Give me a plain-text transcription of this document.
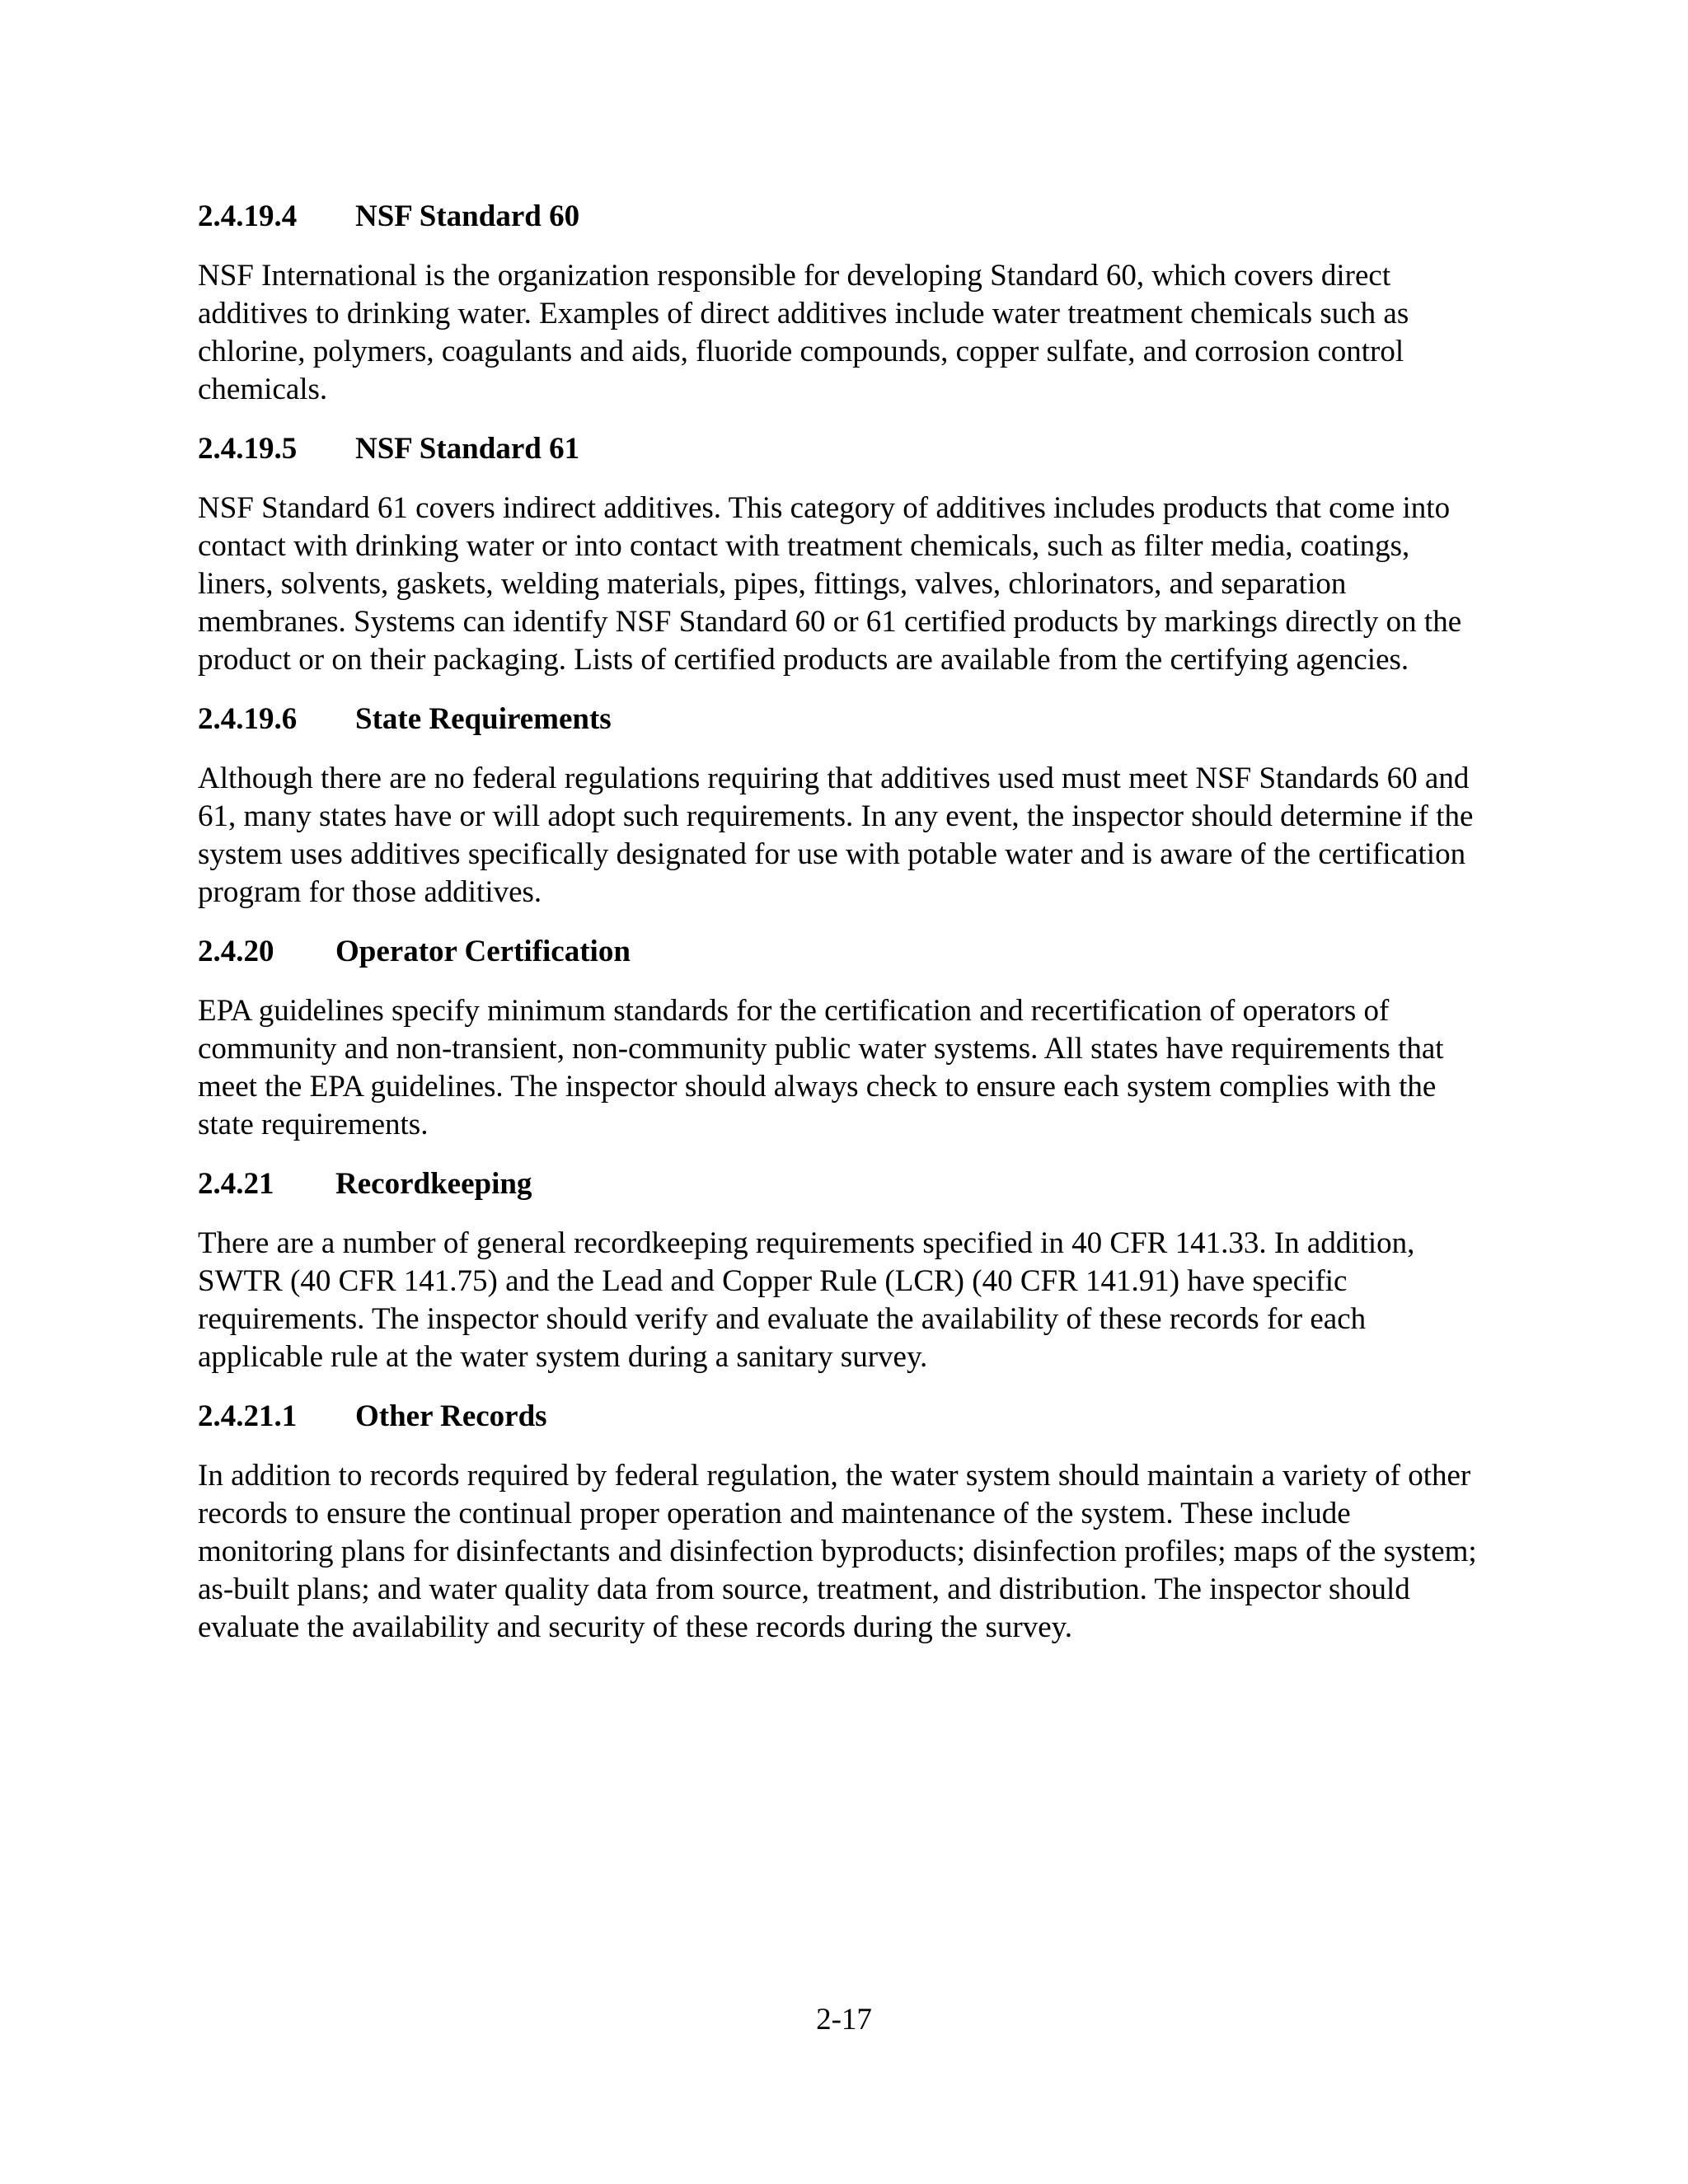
2.4.19.4	NSF Standard 60

NSF International is the organization responsible for developing Standard 60, which covers direct additives to drinking water. Examples of direct additives include water treatment chemicals such as chlorine, polymers, coagulants and aids, fluoride compounds, copper sulfate, and corrosion control chemicals.

2.4.19.5	NSF Standard 61

NSF Standard 61 covers indirect additives. This category of additives includes products that come into contact with drinking water or into contact with treatment chemicals, such as filter media, coatings, liners, solvents, gaskets, welding materials, pipes, fittings, valves, chlorinators, and separation membranes. Systems can identify NSF Standard 60 or 61 certified products by markings directly on the product or on their packaging. Lists of certified products are available from the certifying agencies.

2.4.19.6	State Requirements

Although there are no federal regulations requiring that additives used must meet NSF Standards 60 and 61, many states have or will adopt such requirements. In any event, the inspector should determine if the system uses additives specifically designated for use with potable water and is aware of the certification program for those additives.

2.4.20	Operator Certification

EPA guidelines specify minimum standards for the certification and recertification of operators of community and non-transient, non-community public water systems. All states have requirements that meet the EPA guidelines. The inspector should always check to ensure each system complies with the state requirements.

2.4.21	Recordkeeping

There are a number of general recordkeeping requirements specified in 40 CFR 141.33. In addition, SWTR (40 CFR 141.75) and the Lead and Copper Rule (LCR) (40 CFR 141.91) have specific requirements. The inspector should verify and evaluate the availability of these records for each applicable rule at the water system during a sanitary survey.

2.4.21.1	Other Records

In addition to records required by federal regulation, the water system should maintain a variety of other records to ensure the continual proper operation and maintenance of the system. These include monitoring plans for disinfectants and disinfection byproducts; disinfection profiles; maps of the system; as-built plans; and water quality data from source, treatment, and distribution. The inspector should evaluate the availability and security of these records during the survey.

2-17
